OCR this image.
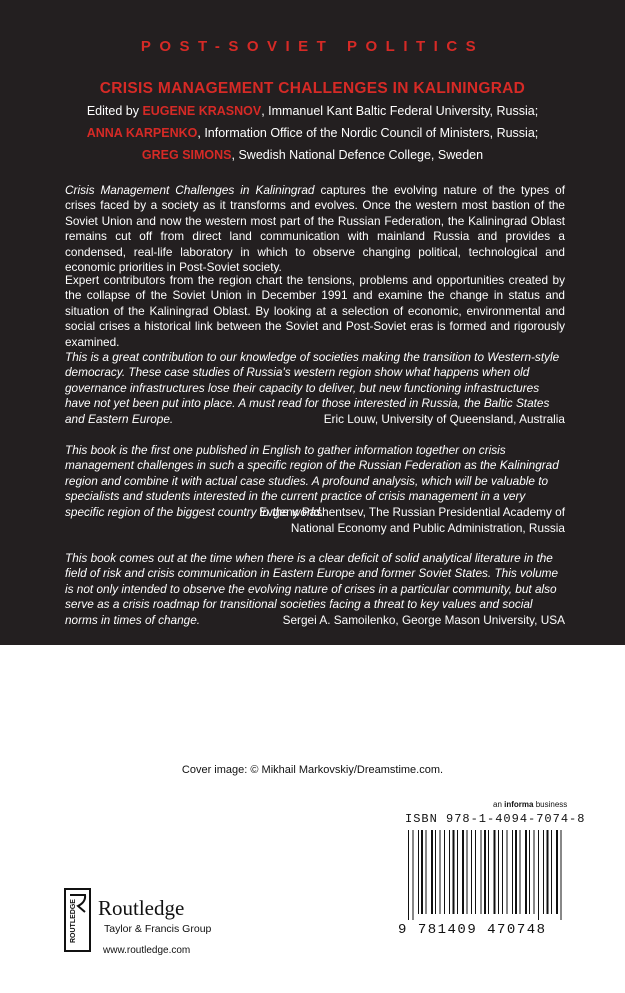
POST-SOVIET POLITICS
CRISIS MANAGEMENT CHALLENGES IN KALININGRAD
Edited by EUGENE KRASNOV, Immanuel Kant Baltic Federal University, Russia;
ANNA KARPENKO, Information Office of the Nordic Council of Ministers, Russia;
GREG SIMONS, Swedish National Defence College, Sweden

Crisis Management Challenges in Kaliningrad captures the evolving nature of the types of crises faced by a society as it transforms and evolves. Once the western most bastion of the Soviet Union and now the western most part of the Russian Federation, the Kaliningrad Oblast remains cut off from direct land communication with mainland Russia and provides a condensed, real-life laboratory in which to observe changing political, technological and economic priorities in Post-Soviet society.

Expert contributors from the region chart the tensions, problems and opportunities created by the collapse of the Soviet Union in December 1991 and examine the change in status and situation of the Kaliningrad Oblast. By looking at a selection of economic, environmental and social crises a historical link between the Soviet and Post-Soviet eras is formed and rigorously examined.

This is a great contribution to our knowledge of societies making the transition to Western-style democracy. These case studies of Russia's western region show what happens when old governance infrastructures lose their capacity to deliver, but new functioning infrastructures have not yet been put into place. A must read for those interested in Russia, the Baltic States and Eastern Europe.	Eric Louw, University of Queensland, Australia

This book is the first one published in English to gather information together on crisis management challenges in such a specific region of the Russian Federation as the Kaliningrad region and combine it with actual case studies. A profound analysis, which will be valuable to specialists and students interested in the current practice of crisis management in a very specific region of the biggest country in the world.

Evgeny Pashentsev, The Russian Presidential Academy of

National Economy and Public Administration, Russia

This book comes out at the time when there is a clear deficit of solid analytical literature in the field of risk and crisis communication in Eastern Europe and former Soviet States. This volume is not only intended to observe the evolving nature of crises in a particular community, but also serve as a crisis roadmap for transitional societies facing a threat to key values and social norms in times of change.	Sergei A. Samoilenko, George Mason University, USA

Cover image: © Mikhail Markovskiy/Dreamstime.com.
an informa business
ISBN 978-1-4094-7074-8
9 781409 470748
ROUTLEDGE Routledge
Taylor & Francis Group
www.routledge.com
